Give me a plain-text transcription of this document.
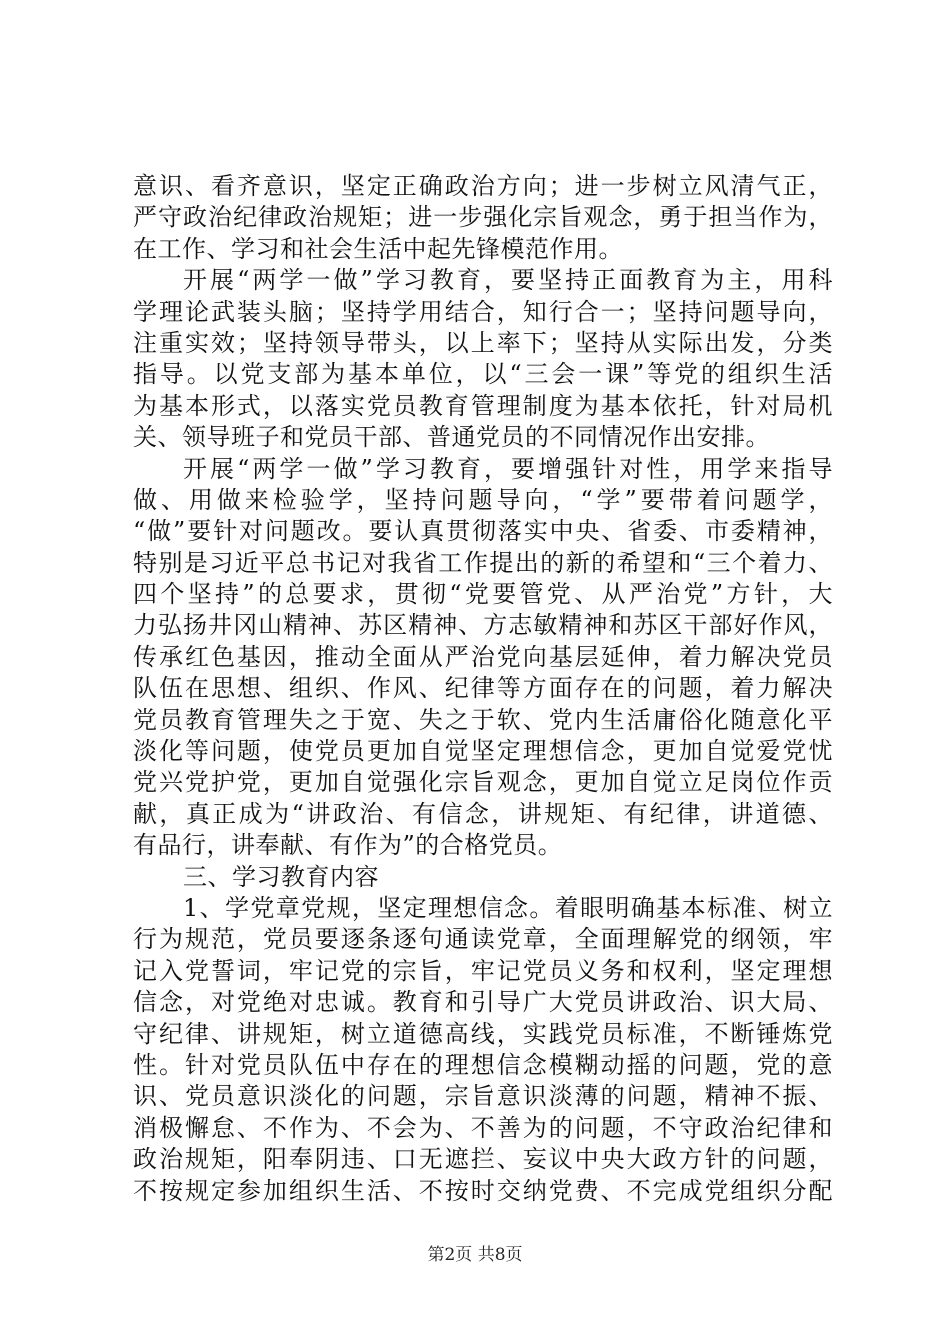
意识、看齐意识，坚定正确政治方向；进一步树立风清气正，
严守政治纪律政治规矩；进一步强化宗旨观念，勇于担当作为，
在工作、学习和社会生活中起先锋模范作用。
开展“两学一做”学习教育，要坚持正面教育为主，用科
学理论武装头脑；坚持学用结合，知行合一；坚持问题导向，
注重实效；坚持领导带头，以上率下；坚持从实际出发，分类
指导。以党支部为基本单位，以“三会一课”等党的组织生活
为基本形式，以落实党员教育管理制度为基本依托，针对局机
关、领导班子和党员干部、普通党员的不同情况作出安排。
开展“两学一做”学习教育，要增强针对性，用学来指导
做、用做来检验学，坚持问题导向，“学”要带着问题学，
“做”要针对问题改。要认真贯彻落实中央、省委、市委精神，
特别是习近平总书记对我省工作提出的新的希望和“三个着力、
四个坚持”的总要求，贯彻“党要管党、从严治党”方针，大
力弘扬井冈山精神、苏区精神、方志敏精神和苏区干部好作风，
传承红色基因，推动全面从严治党向基层延伸，着力解决党员
队伍在思想、组织、作风、纪律等方面存在的问题，着力解决
党员教育管理失之于宽、失之于软、党内生活庸俗化随意化平
淡化等问题，使党员更加自觉坚定理想信念，更加自觉爱党忧
党兴党护党，更加自觉强化宗旨观念，更加自觉立足岗位作贡
献，真正成为“讲政治、有信念，讲规矩、有纪律，讲道德、
有品行，讲奉献、有作为”的合格党员。
三、学习教育内容
1、学党章党规，坚定理想信念。着眼明确基本标准、树立
行为规范，党员要逐条逐句通读党章，全面理解党的纲领，牢
记入党誓词，牢记党的宗旨，牢记党员义务和权利，坚定理想
信念，对党绝对忠诚。教育和引导广大党员讲政治、识大局、
守纪律、讲规矩，树立道德高线，实践党员标准，不断锤炼党
性。针对党员队伍中存在的理想信念模糊动摇的问题，党的意
识、党员意识淡化的问题，宗旨意识淡薄的问题，精神不振、
消极懈怠、不作为、不会为、不善为的问题，不守政治纪律和
政治规矩，阳奉阴违、口无遮拦、妄议中央大政方针的问题，
不按规定参加组织生活、不按时交纳党费、不完成党组织分配
第2页 共8页
